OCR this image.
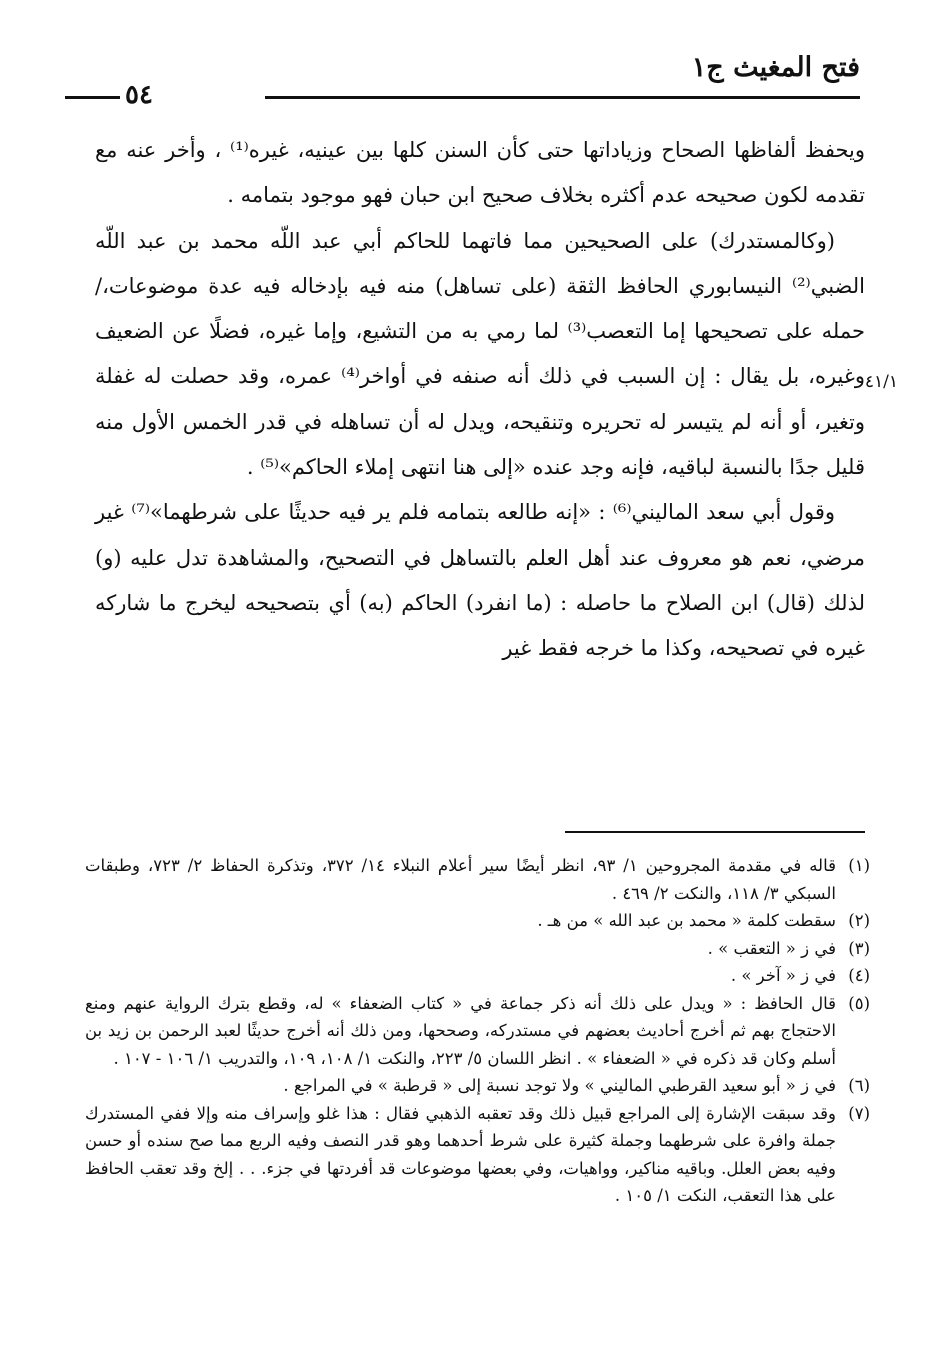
فتح المغيث ج١
٥٤

ويحفظ ألفاظها الصحاح وزياداتها حتى كأن السنن كلها بين عينيه، غيره⁽¹⁾ ، وأخر عنه مع تقدمه لكون صحيحه عدم أكثره بخلاف صحيح ابن حبان فهو موجود بتمامه .

(وكالمستدرك) على الصحيحين مما فاتهما للحاكم أبي عبد اللّه محمد بن عبد اللّه الضبي⁽²⁾ النيسابوري الحافظ الثقة (على تساهل) منه فيه بإدخاله فيه عدة موضوعات،/ حمله على تصحيحها إما التعصب⁽³⁾ لما رمي به من التشيع، وإما غيره، فضلًا عن الضعيف وغيره، بل يقال : إن السبب في ذلك أنه صنفه في أواخر⁽⁴⁾ عمره، وقد حصلت له غفلة وتغير، أو أنه لم يتيسر له تحريره وتنقيحه، ويدل له أن تساهله في قدر الخمس الأول منه قليل جدًا بالنسبة لباقيه، فإنه وجد عنده «إلى هنا انتهى إملاء الحاكم»⁽⁵⁾ .

وقول أبي سعد الماليني⁽⁶⁾ : «إنه طالعه بتمامه فلم ير فيه حديثًا على شرطهما»⁽⁷⁾ غير مرضي، نعم هو معروف عند أهل العلم بالتساهل في التصحيح، والمشاهدة تدل عليه (و) لذلك (قال) ابن الصلاح ما حاصله : (ما انفرد) الحاكم (به) أي بتصحيحه ليخرج ما شاركه غيره في تصحيحه، وكذا ما خرجه فقط غير

٤١/١
(١)
قاله في مقدمة المجروحين ١/ ٩٣، انظر أيضًا سير أعلام النبلاء ١٤/ ٣٧٢، وتذكرة الحفاظ ٢/ ٧٢٣، وطبقات السبكي ٣/ ١١٨، والنكت ٢/ ٤٦٩ .
(٢)
سقطت كلمة « محمد بن عبد الله » من هـ .
(٣)
في ز « التعقب » .
(٤)
في ز « آخر » .
(٥)
قال الحافظ : « ويدل على ذلك أنه ذكر جماعة في « كتاب الضعفاء » له، وقطع بترك الرواية عنهم ومنع الاحتجاج بهم ثم أخرج أحاديث بعضهم في مستدركه، وصححها، ومن ذلك أنه أخرج حديثًا لعبد الرحمن بن زيد بن أسلم وكان قد ذكره في « الضعفاء » . انظر اللسان ٥/ ٢٢٣، والنكت ١/ ١٠٨، ١٠٩، والتدريب ١/ ١٠٦ - ١٠٧ .
(٦)
في ز « أبو سعيد القرطبي الماليني » ولا توجد نسبة إلى « قرطبة » في المراجع .
(٧)
وقد سبقت الإشارة إلى المراجع قبيل ذلك وقد تعقبه الذهبي فقال : هذا غلو وإسراف منه وإلا ففي المستدرك جملة وافرة على شرطهما وجملة كثيرة على شرط أحدهما وهو قدر النصف وفيه الربع مما صح سنده أو حسن وفيه بعض العلل. وباقيه مناكير، وواهيات، وفي بعضها موضوعات قد أفردتها في جزء. . . إلخ وقد تعقب الحافظ على هذا التعقب، النكت ١/ ١٠٥ .
